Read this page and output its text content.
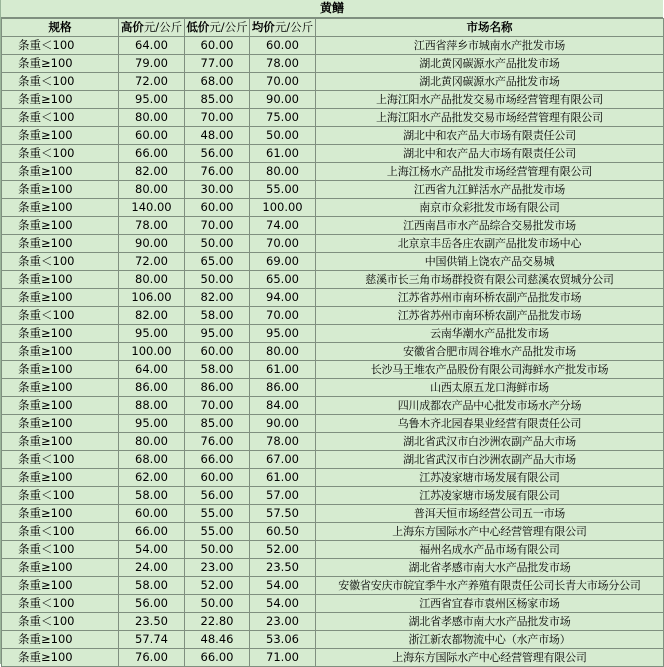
黄鳝
规格	高价元/公斤	低价元/公斤	均价元/公斤	市场名称
条重＜100	64.00	60.00	60.00	江西省萍乡市城南水产批发市场
条重≥100	79.00	77.00	78.00	湖北黄冈碳源水产品批发市场
条重＜100	72.00	68.00	70.00	湖北黄冈碳源水产品批发市场
条重≥100	95.00	85.00	90.00	上海江阳水产品批发交易市场经营管理有限公司
条重＜100	80.00	70.00	75.00	上海江阳水产品批发交易市场经营管理有限公司
条重≥100	60.00	48.00	50.00	湖北中和农产品大市场有限责任公司
条重＜100	66.00	56.00	61.00	湖北中和农产品大市场有限责任公司
条重≥100	82.00	76.00	80.00	上海江杨水产品批发市场经营管理有限公司
条重≥100	80.00	30.00	55.00	江西省九江鲜活水产品批发市场
条重≥100	140.00	60.00	100.00	南京市众彩批发市场有限公司
条重≥100	78.00	70.00	74.00	江西南昌市水产品综合交易批发市场
条重≥100	90.00	50.00	70.00	北京京丰岳各庄农副产品批发市场中心
条重＜100	72.00	65.00	69.00	中国供销上饶农产品交易城
条重≥100	80.00	50.00	65.00	慈溪市长三角市场群投资有限公司慈溪农贸城分公司
条重≥100	106.00	82.00	94.00	江苏省苏州市南环桥农副产品批发市场
条重＜100	82.00	58.00	70.00	江苏省苏州市南环桥农副产品批发市场
条重≥100	95.00	95.00	95.00	云南华潮水产品批发市场
条重≥100	100.00	60.00	80.00	安徽省合肥市周谷堆水产品批发市场
条重≥100	64.00	58.00	61.00	长沙马王堆农产品股份有限公司海鲜水产批发市场
条重≥100	86.00	86.00	86.00	山西太原五龙口海鲜市场
条重≥100	88.00	70.00	84.00	四川成都农产品中心批发市场水产分场
条重≥100	95.00	85.00	90.00	乌鲁木齐北园春果业经营有限责任公司
条重≥100	80.00	76.00	78.00	湖北省武汉市白沙洲农副产品大市场
条重＜100	68.00	66.00	67.00	湖北省武汉市白沙洲农副产品大市场
条重≥100	62.00	60.00	61.00	江苏凌家塘市场发展有限公司
条重＜100	58.00	56.00	57.00	江苏凌家塘市场发展有限公司
条重≥100	60.00	55.00	57.50	普洱天恒市场经营公司五一市场
条重＜100	66.00	55.00	60.50	上海东方国际水产中心经营管理有限公司
条重＜100	54.00	50.00	52.00	福州名成水产品市场有限公司
条重≥100	24.00	23.00	23.50	湖北省孝感市南大水产品批发市场
条重≥100	58.00	52.00	54.00	安徽省安庆市皖宜季牛水产养殖有限责任公司长青大市场分公司
条重＜100	56.00	50.00	54.00	江西省宜春市袁州区杨家市场
条重＜100	23.50	22.80	23.00	湖北省孝感市南大水产品批发市场
条重≥100	57.74	48.46	53.06	浙江新农都物流中心（水产市场）
条重≥100	76.00	66.00	71.00	上海东方国际水产中心经营管理有限公司
